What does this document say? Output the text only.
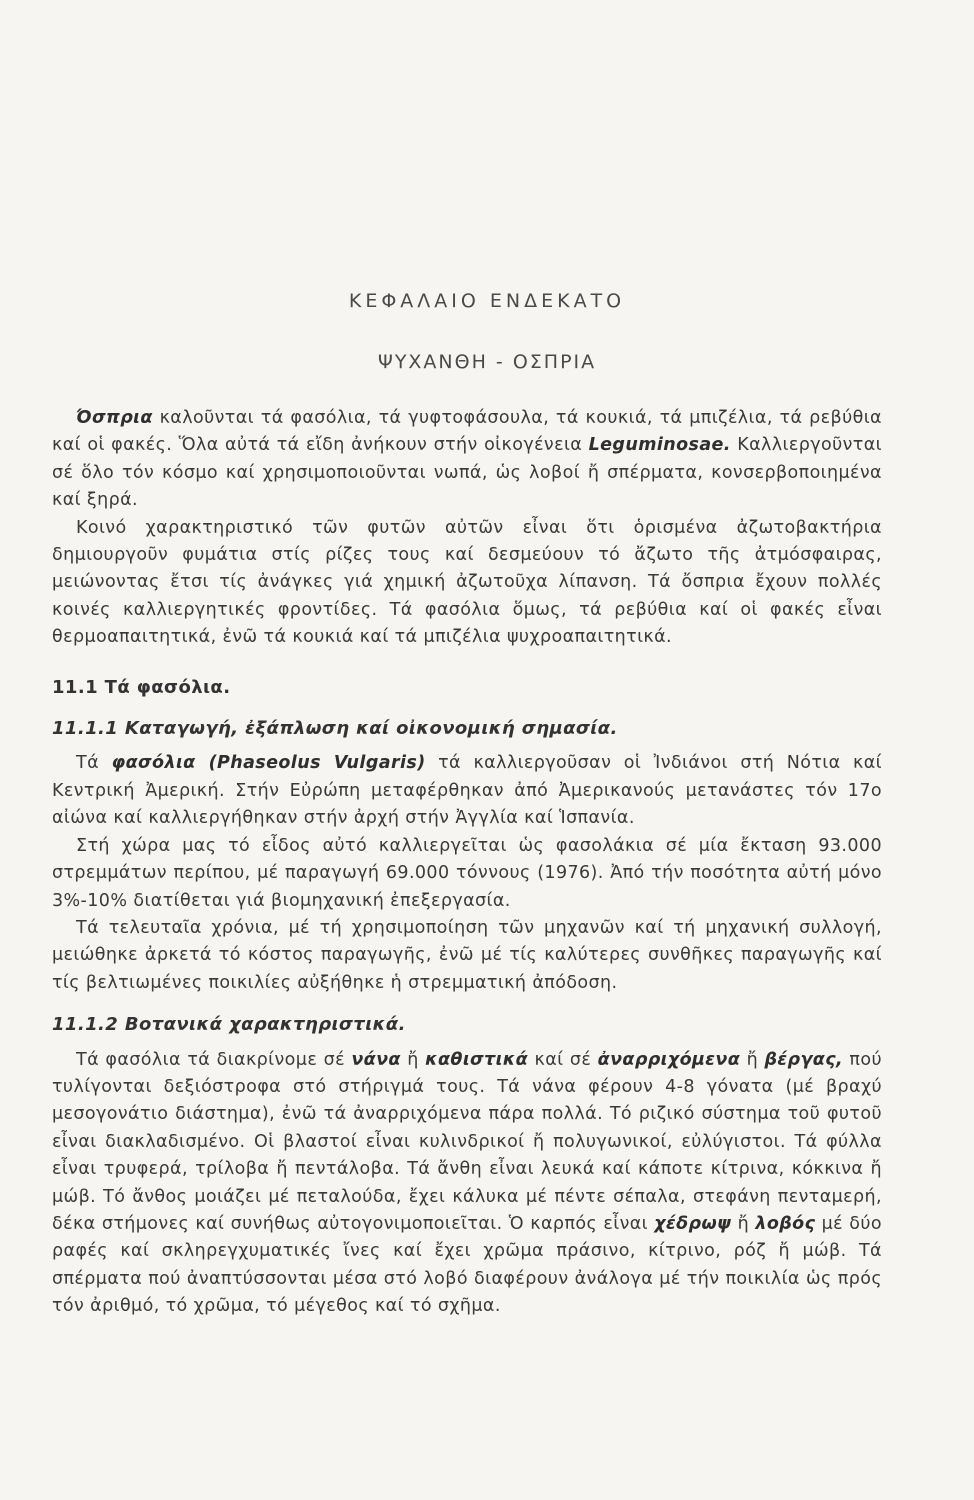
ΚΕΦΑΛΑΙΟ ΕΝΔΕΚΑΤΟ
ΨΥΧΑΝΘΗ - ΟΣΠΡΙΑ

Όσπρια καλοῦνται τά φασόλια, τά γυφτοφάσουλα, τά κουκιά, τά μπιζέλια, τά ρεβύθια καί οἱ φακές. Ὅλα αὐτά τά εἴδη ἀνήκουν στήν οἰκογένεια Leguminosae. Καλλιεργοῦνται σέ ὅλο τόν κόσμο καί χρησιμοποιοῦνται νωπά, ὡς λοβοί ἤ σπέρματα, κονσερβοποιημένα καί ξηρά.

Κοινό χαρακτηριστικό τῶν φυτῶν αὐτῶν εἶναι ὅτι ὁρισμένα ἀζωτοβακτήρια δημιουργοῦν φυμάτια στίς ρίζες τους καί δεσμεύουν τό ἄζωτο τῆς ἀτμόσφαιρας, μειώνοντας ἔτσι τίς ἀνάγκες γιά χημική ἀζωτοῦχα λίπανση. Τά ὄσπρια ἔχουν πολλές κοινές καλλιεργητικές φροντίδες. Τά φασόλια ὅμως, τά ρεβύθια καί οἱ φακές εἶναι θερμοαπαιτητικά, ἐνῶ τά κουκιά καί τά μπιζέλια ψυχροαπαιτητικά.

11.1 Τά φασόλια.
11.1.1 Καταγωγή, ἐξάπλωση καί οἰκονομική σημασία.

Τά φασόλια (Phaseolus Vulgaris) τά καλλιεργοῦσαν οἱ Ἰνδιάνοι στή Νότια καί Κεντρική Ἀμερική. Στήν Εὐρώπη μεταφέρθηκαν ἀπό Ἀμερικανούς μετανάστες τόν 17ο αἰώνα καί καλλιεργήθηκαν στήν ἀρχή στήν Ἀγγλία καί Ἱσπανία.

Στή χώρα μας τό εἶδος αὐτό καλλιεργεῖται ὡς φασολάκια σέ μία ἔκταση 93.000 στρεμμάτων περίπου, μέ παραγωγή 69.000 τόννους (1976). Ἀπό τήν ποσότητα αὐτή μόνο 3%-10% διατίθεται γιά βιομηχανική ἐπεξεργασία.

Τά τελευταῖα χρόνια, μέ τή χρησιμοποίηση τῶν μηχανῶν καί τή μηχανική συλλογή, μειώθηκε ἀρκετά τό κόστος παραγωγῆς, ἐνῶ μέ τίς καλύτερες συνθῆκες παραγωγῆς καί τίς βελτιωμένες ποικιλίες αὐξήθηκε ἡ στρεμματική ἀπόδοση.

11.1.2 Βοτανικά χαρακτηριστικά.

Τά φασόλια τά διακρίνομε σέ νάνα ἤ καθιστικά καί σέ ἀναρριχόμενα ἤ βέργας, πού τυλίγονται δεξιόστροφα στό στήριγμά τους. Τά νάνα φέρουν 4-8 γόνατα (μέ βραχύ μεσογονάτιο διάστημα), ἐνῶ τά ἀναρριχόμενα πάρα πολλά. Τό ριζικό σύστημα τοῦ φυτοῦ εἶναι διακλαδισμένο. Οἱ βλαστοί εἶναι κυλινδρικοί ἤ πολυγωνικοί, εὐλύγιστοι. Τά φύλλα εἶναι τρυφερά, τρίλοβα ἤ πεντάλοβα. Τά ἄνθη εἶναι λευκά καί κάποτε κίτρινα, κόκκινα ἤ μώβ. Τό ἄνθος μοιάζει μέ πεταλούδα, ἔχει κάλυκα μέ πέντε σέπαλα, στεφάνη πενταμερή, δέκα στήμονες καί συνήθως αὐτογονιμοποιεῖται. Ὁ καρπός εἶναι χέδρωψ ἤ λοβός μέ δύο ραφές καί σκληρεγχυματικές ἴνες καί ἔχει χρῶμα πράσινο, κίτρινο, ρόζ ἤ μώβ. Τά σπέρματα πού ἀναπτύσσονται μέσα στό λοβό διαφέρουν ἀνάλογα μέ τήν ποικιλία ὡς πρός τόν ἀριθμό, τό χρῶμα, τό μέγεθος καί τό σχῆμα.
